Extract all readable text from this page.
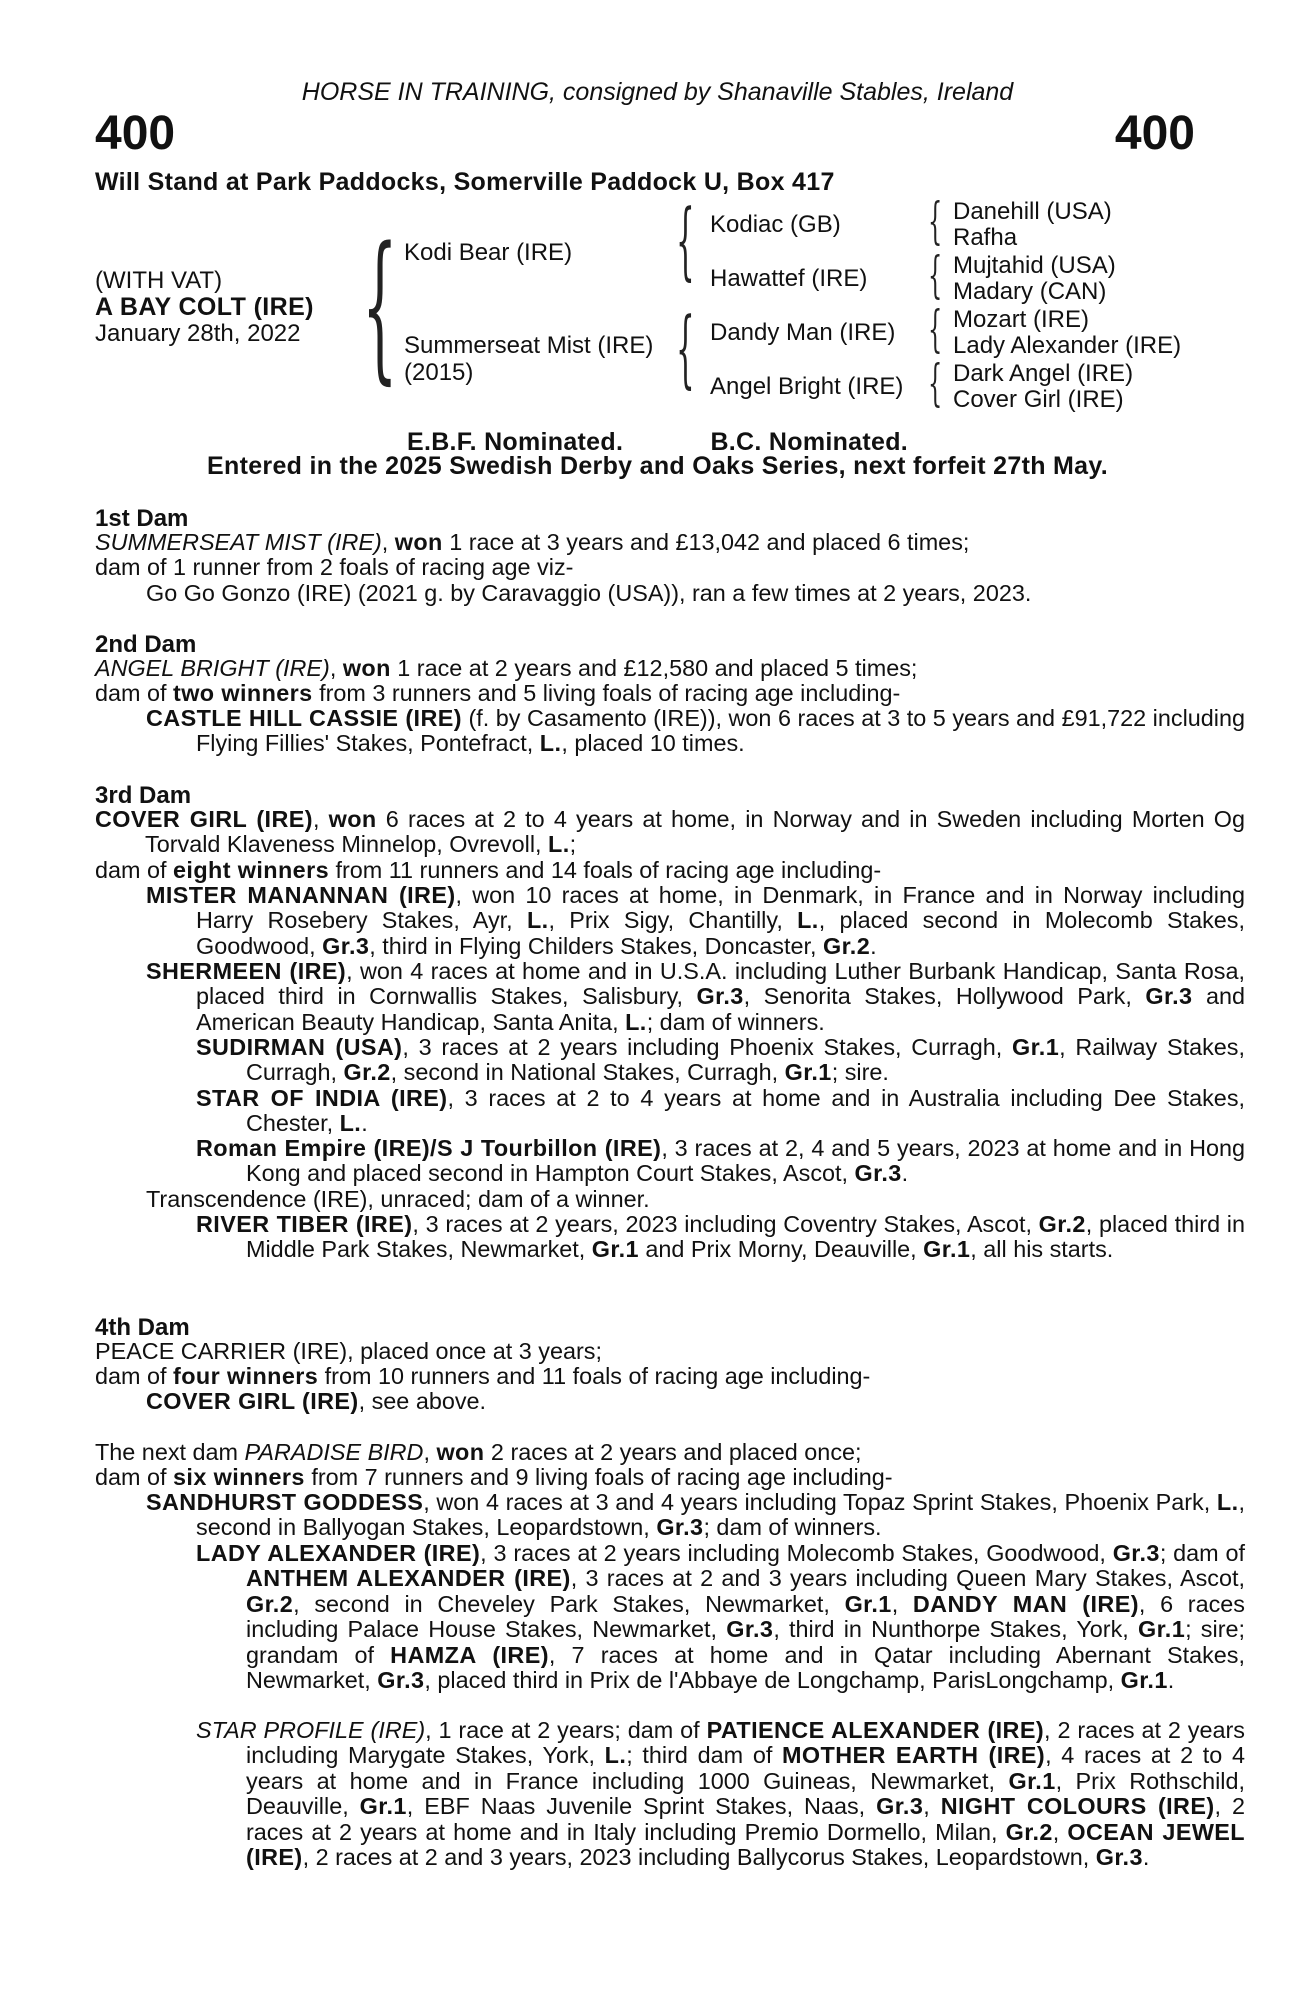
HORSE IN TRAINING, consigned by Shanaville Stables, Ireland
400	400
Will Stand at Park Paddocks, Somerville Paddock U, Box 417
(WITH VAT)
A BAY COLT (IRE)
January 28th, 2022 { Kodi Bear (IRE)
Summerseat Mist (IRE)
(2015)
{
{
Kodiac (GB)
Hawattef (IRE)
Dandy Man (IRE)
Angel Bright (IRE)
{
{
{
{
Danehill (USA)
Rafha
Mujtahid (USA)
Madary (CAN)
Mozart (IRE)
Lady Alexander (IRE)
Dark Angel (IRE)
Cover Girl (IRE)
E.B.F. Nominated.	B.C. Nominated.
Entered in the 2025 Swedish Derby and Oaks Series, next forfeit 27th May.
1st Dam
SUMMERSEAT MIST (IRE), won 1 race at 3 years and £13,042 and placed 6 times;
dam of 1 runner from 2 foals of racing age viz-
Go Go Gonzo (IRE) (2021 g. by Caravaggio (USA)), ran a few times at 2 years, 2023.
2nd Dam
ANGEL BRIGHT (IRE), won 1 race at 2 years and £12,580 and placed 5 times;
dam of two winners from 3 runners and 5 living foals of racing age including-
CASTLE HILL CASSIE (IRE) (f. by Casamento (IRE)), won 6 races at 3 to 5 years and £91,722 including Flying Fillies' Stakes, Pontefract, L., placed 10 times.
3rd Dam
COVER GIRL (IRE), won 6 races at 2 to 4 years at home, in Norway and in Sweden including Morten Og Torvald Klaveness Minnelop, Ovrevoll, L.;
dam of eight winners from 11 runners and 14 foals of racing age including-
MISTER MANANNAN (IRE), won 10 races at home, in Denmark, in France and in Norway including Harry Rosebery Stakes, Ayr, L., Prix Sigy, Chantilly, L., placed second in Molecomb Stakes, Goodwood, Gr.3, third in Flying Childers Stakes, Doncaster, Gr.2.
SHERMEEN (IRE), won 4 races at home and in U.S.A. including Luther Burbank Handicap, Santa Rosa, placed third in Cornwallis Stakes, Salisbury, Gr.3, Senorita Stakes, Hollywood Park, Gr.3 and American Beauty Handicap, Santa Anita, L.; dam of winners.
SUDIRMAN (USA), 3 races at 2 years including Phoenix Stakes, Curragh, Gr.1, Railway Stakes, Curragh, Gr.2, second in National Stakes, Curragh, Gr.1; sire.
STAR OF INDIA (IRE), 3 races at 2 to 4 years at home and in Australia including Dee Stakes, Chester, L..
Roman Empire (IRE)/S J Tourbillon (IRE), 3 races at 2, 4 and 5 years, 2023 at home and in Hong Kong and placed second in Hampton Court Stakes, Ascot, Gr.3.
Transcendence (IRE), unraced; dam of a winner.
RIVER TIBER (IRE), 3 races at 2 years, 2023 including Coventry Stakes, Ascot, Gr.2, placed third in Middle Park Stakes, Newmarket, Gr.1 and Prix Morny, Deauville, Gr.1, all his starts.
4th Dam
PEACE CARRIER (IRE), placed once at 3 years;
dam of four winners from 10 runners and 11 foals of racing age including-
COVER GIRL (IRE), see above.
The next dam PARADISE BIRD, won 2 races at 2 years and placed once;
dam of six winners from 7 runners and 9 living foals of racing age including-
SANDHURST GODDESS, won 4 races at 3 and 4 years including Topaz Sprint Stakes, Phoenix Park, L., second in Ballyogan Stakes, Leopardstown, Gr.3; dam of winners.
LADY ALEXANDER (IRE), 3 races at 2 years including Molecomb Stakes, Goodwood, Gr.3; dam of ANTHEM ALEXANDER (IRE), 3 races at 2 and 3 years including Queen Mary Stakes, Ascot, Gr.2, second in Cheveley Park Stakes, Newmarket, Gr.1, DANDY MAN (IRE), 6 races including Palace House Stakes, Newmarket, Gr.3, third in Nunthorpe Stakes, York, Gr.1; sire; grandam of HAMZA (IRE), 7 races at home and in Qatar including Abernant Stakes, Newmarket, Gr.3, placed third in Prix de l'Abbaye de Longchamp, ParisLongchamp, Gr.1.
STAR PROFILE (IRE), 1 race at 2 years; dam of PATIENCE ALEXANDER (IRE), 2 races at 2 years including Marygate Stakes, York, L.; third dam of MOTHER EARTH (IRE), 4 races at 2 to 4 years at home and in France including 1000 Guineas, Newmarket, Gr.1, Prix Rothschild, Deauville, Gr.1, EBF Naas Juvenile Sprint Stakes, Naas, Gr.3, NIGHT COLOURS (IRE), 2 races at 2 years at home and in Italy including Premio Dormello, Milan, Gr.2, OCEAN JEWEL (IRE), 2 races at 2 and 3 years, 2023 including Ballycorus Stakes, Leopardstown, Gr.3.
